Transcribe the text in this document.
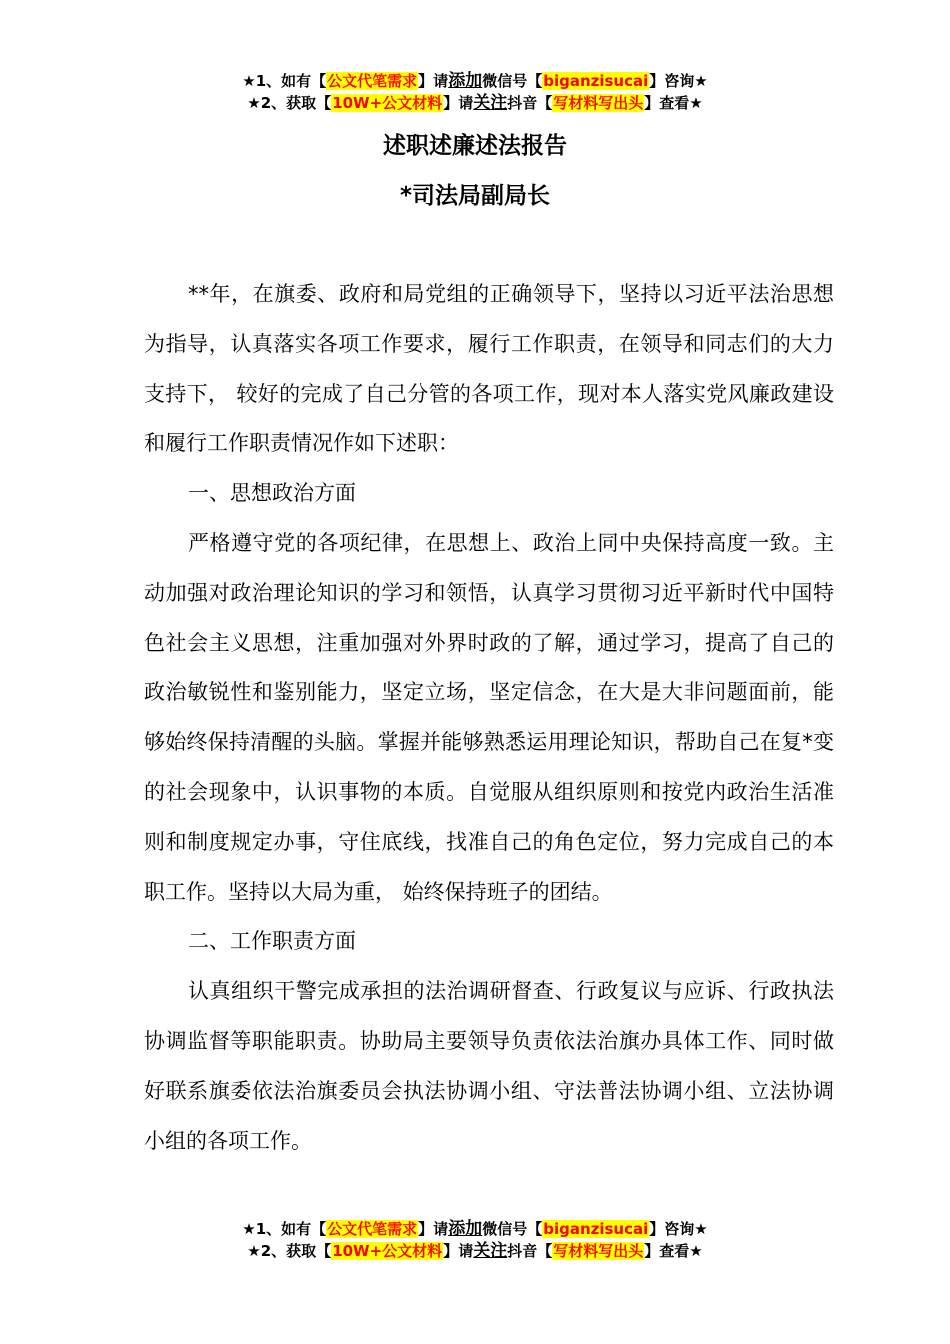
★1、如有【公文代笔需求】请添加微信号【biganzisucai】咨询★
★2、获取【10W+公文材料】请关注抖音【写材料写出头】查看★
述职述廉述法报告
*司法局副局长

**年，在旗委、政府和局党组的正确领导下，坚持以习近平法治思想为指导，认真落实各项工作要求，履行工作职责，在领导和同志们的大力支持下， 较好的完成了自己分管的各项工作，现对本人落实党风廉政建设和履行工作职责情况作如下述职：

一、思想政治方面

严格遵守党的各项纪律，在思想上、政治上同中央保持高度一致。主动加强对政治理论知识的学习和领悟，认真学习贯彻习近平新时代中国特色社会主义思想，注重加强对外界时政的了解，通过学习，提高了自己的政治敏锐性和鉴别能力，坚定立场，坚定信念，在大是大非问题面前，能够始终保持清醒的头脑。掌握并能够熟悉运用理论知识，帮助自己在复*变的社会现象中，认识事物的本质。自觉服从组织原则和按党内政治生活准则和制度规定办事，守住底线，找准自己的角色定位，努力完成自己的本职工作。坚持以大局为重， 始终保持班子的团结。

二、工作职责方面

认真组织干警完成承担的法治调研督查、行政复议与应诉、行政执法协调监督等职能职责。协助局主要领导负责依法治旗办具体工作、同时做好联系旗委依法治旗委员会执法协调小组、守法普法协调小组、立法协调小组的各项工作。

★1、如有【公文代笔需求】请添加微信号【biganzisucai】咨询★
★2、获取【10W+公文材料】请关注抖音【写材料写出头】查看★
